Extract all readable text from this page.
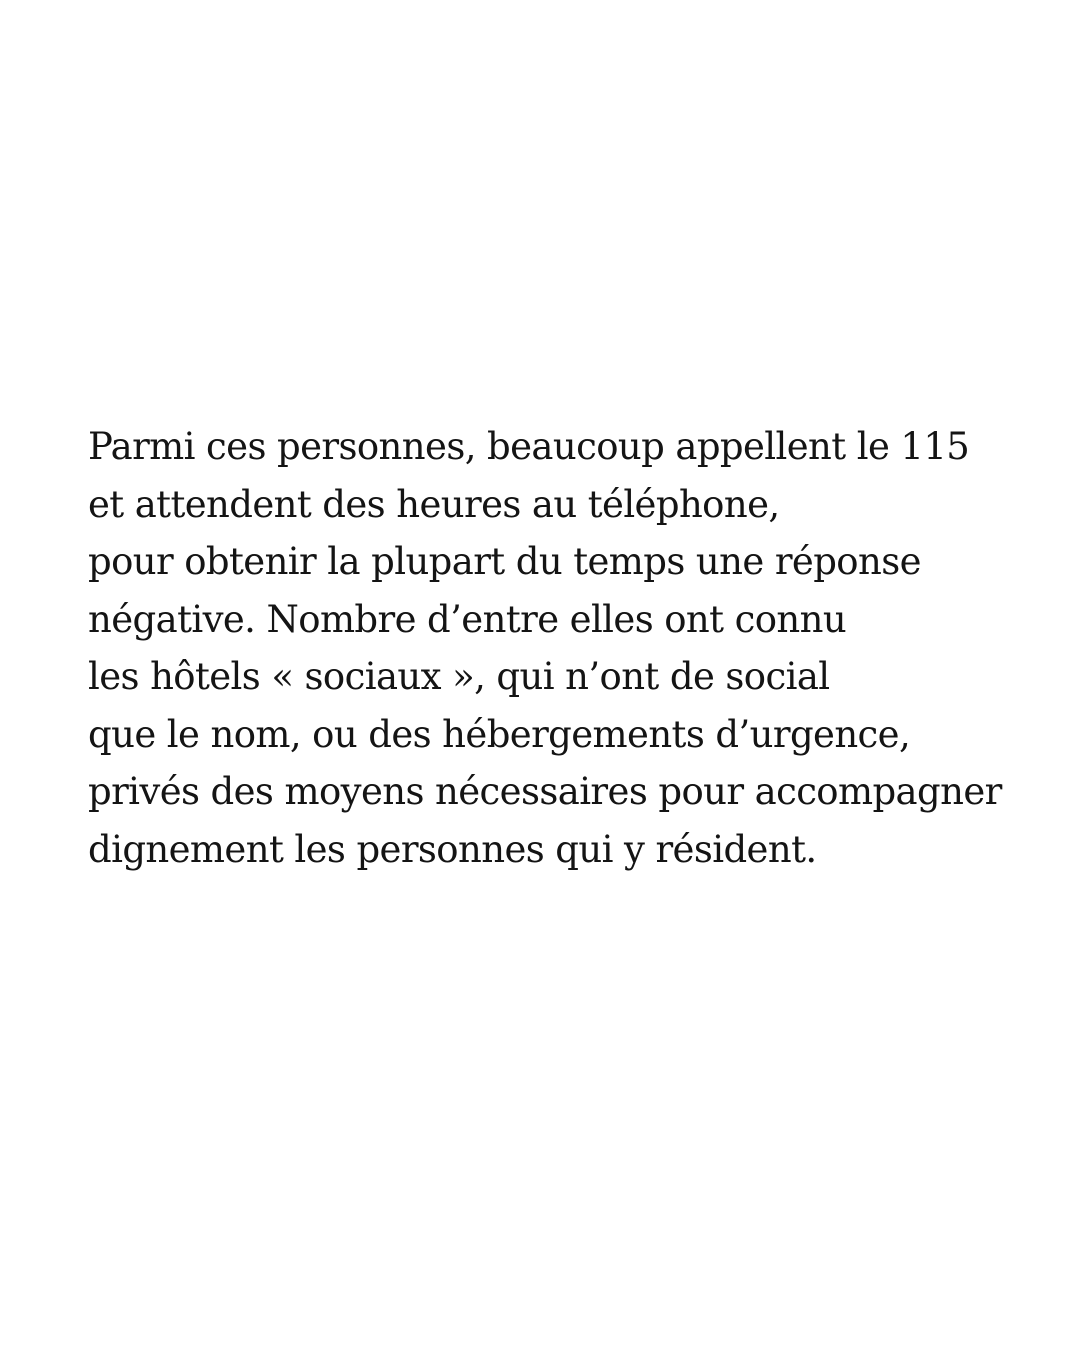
Parmi ces personnes, beaucoup appellent le 115
et attendent des heures au téléphone,
pour obtenir la plupart du temps une réponse
négative. Nombre d’entre elles ont connu
les hôtels « sociaux », qui n’ont de social
que le nom, ou des hébergements d’urgence,
privés des moyens nécessaires pour accompagner
dignement les personnes qui y résident.
